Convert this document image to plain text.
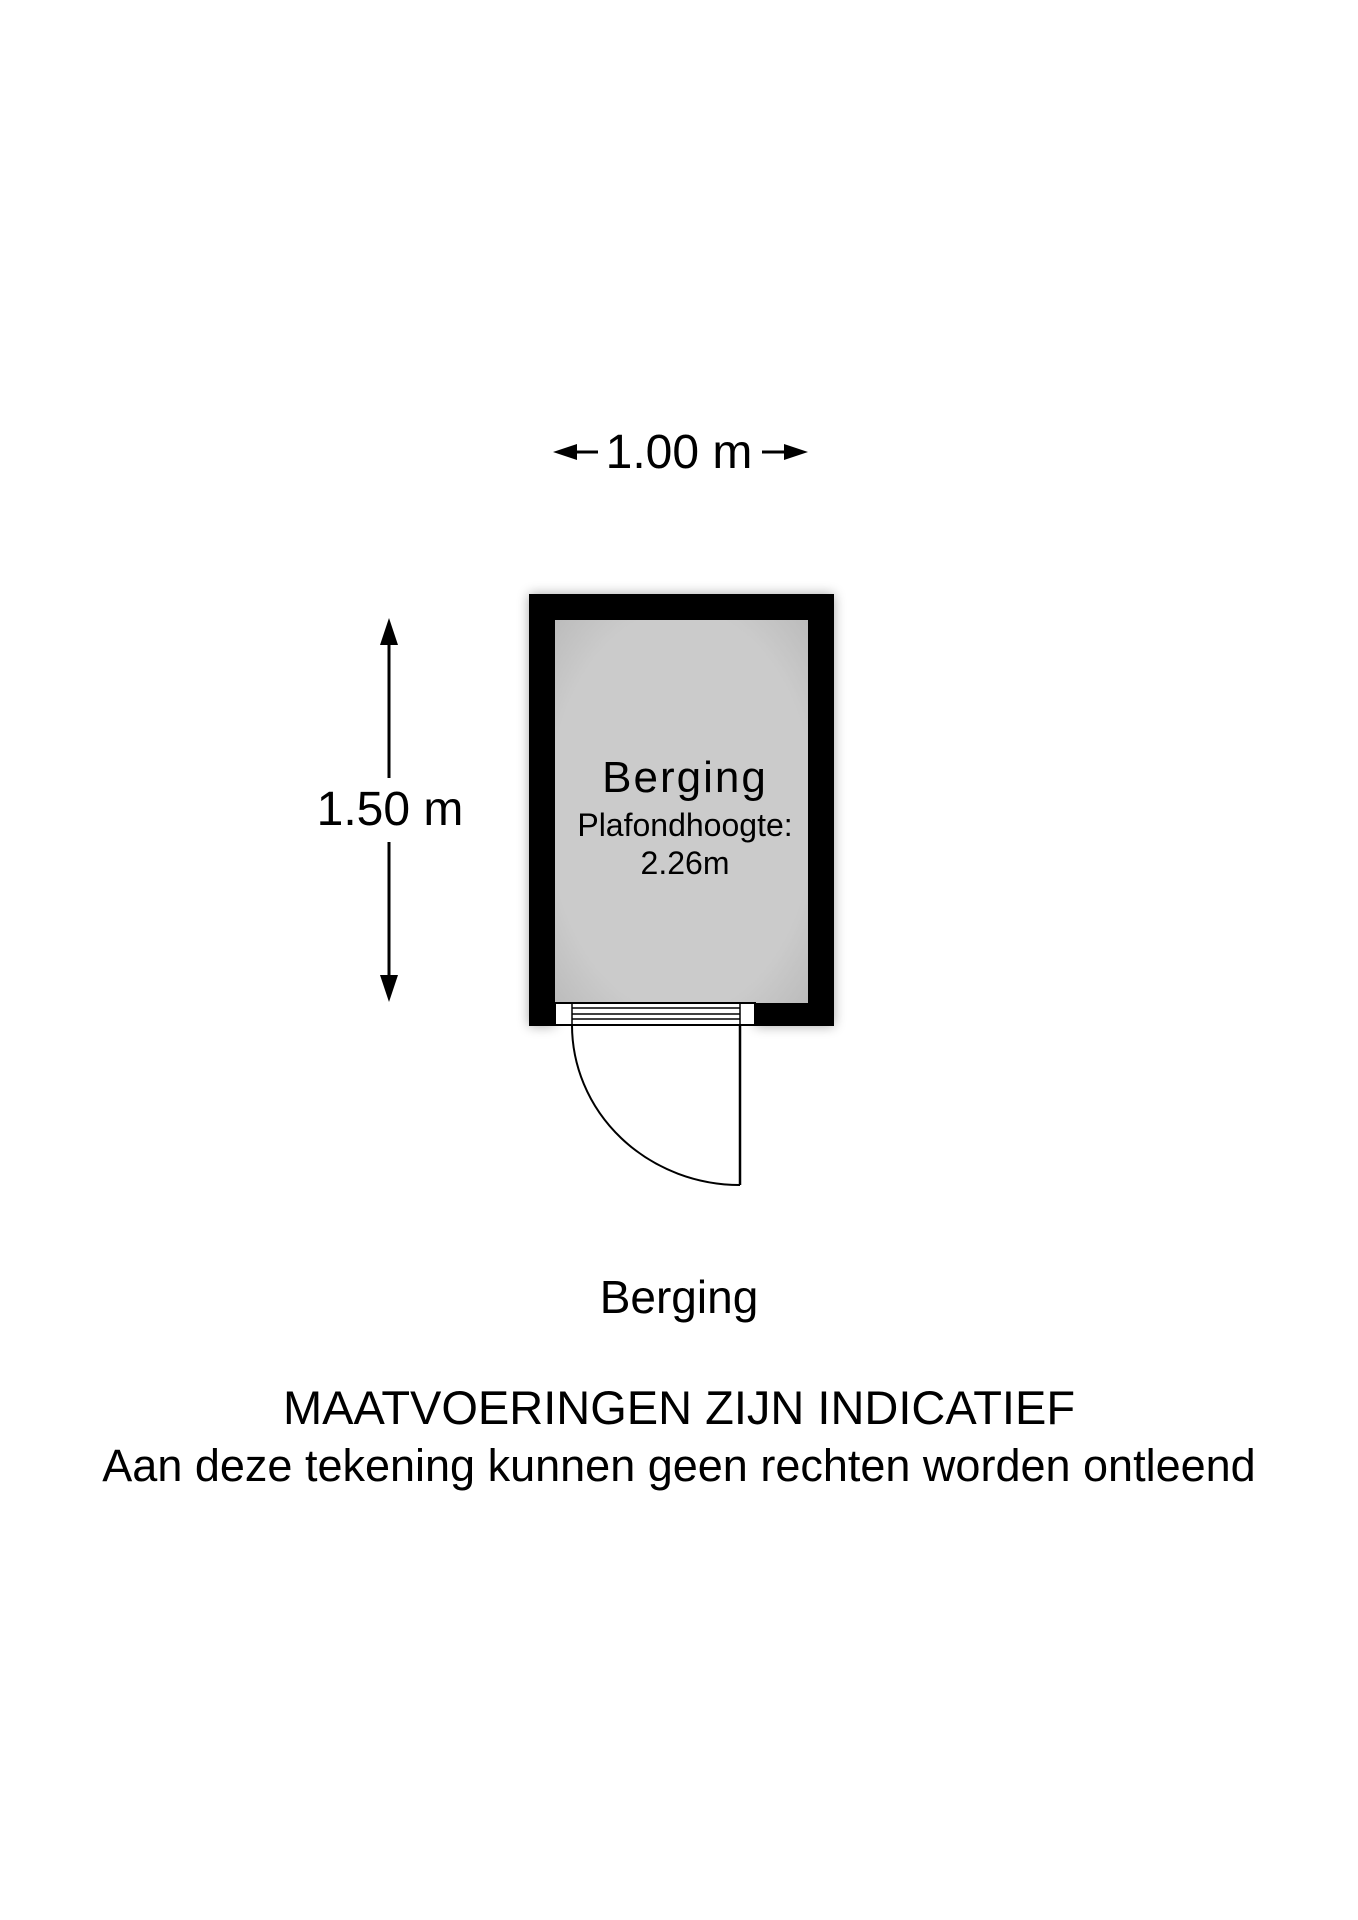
1.00 m
1.50 m
Berging
Plafondhoogte:
2.26m
Berging
MAATVOERINGEN ZIJN INDICATIEF
Aan deze tekening kunnen geen rechten worden ontleend
